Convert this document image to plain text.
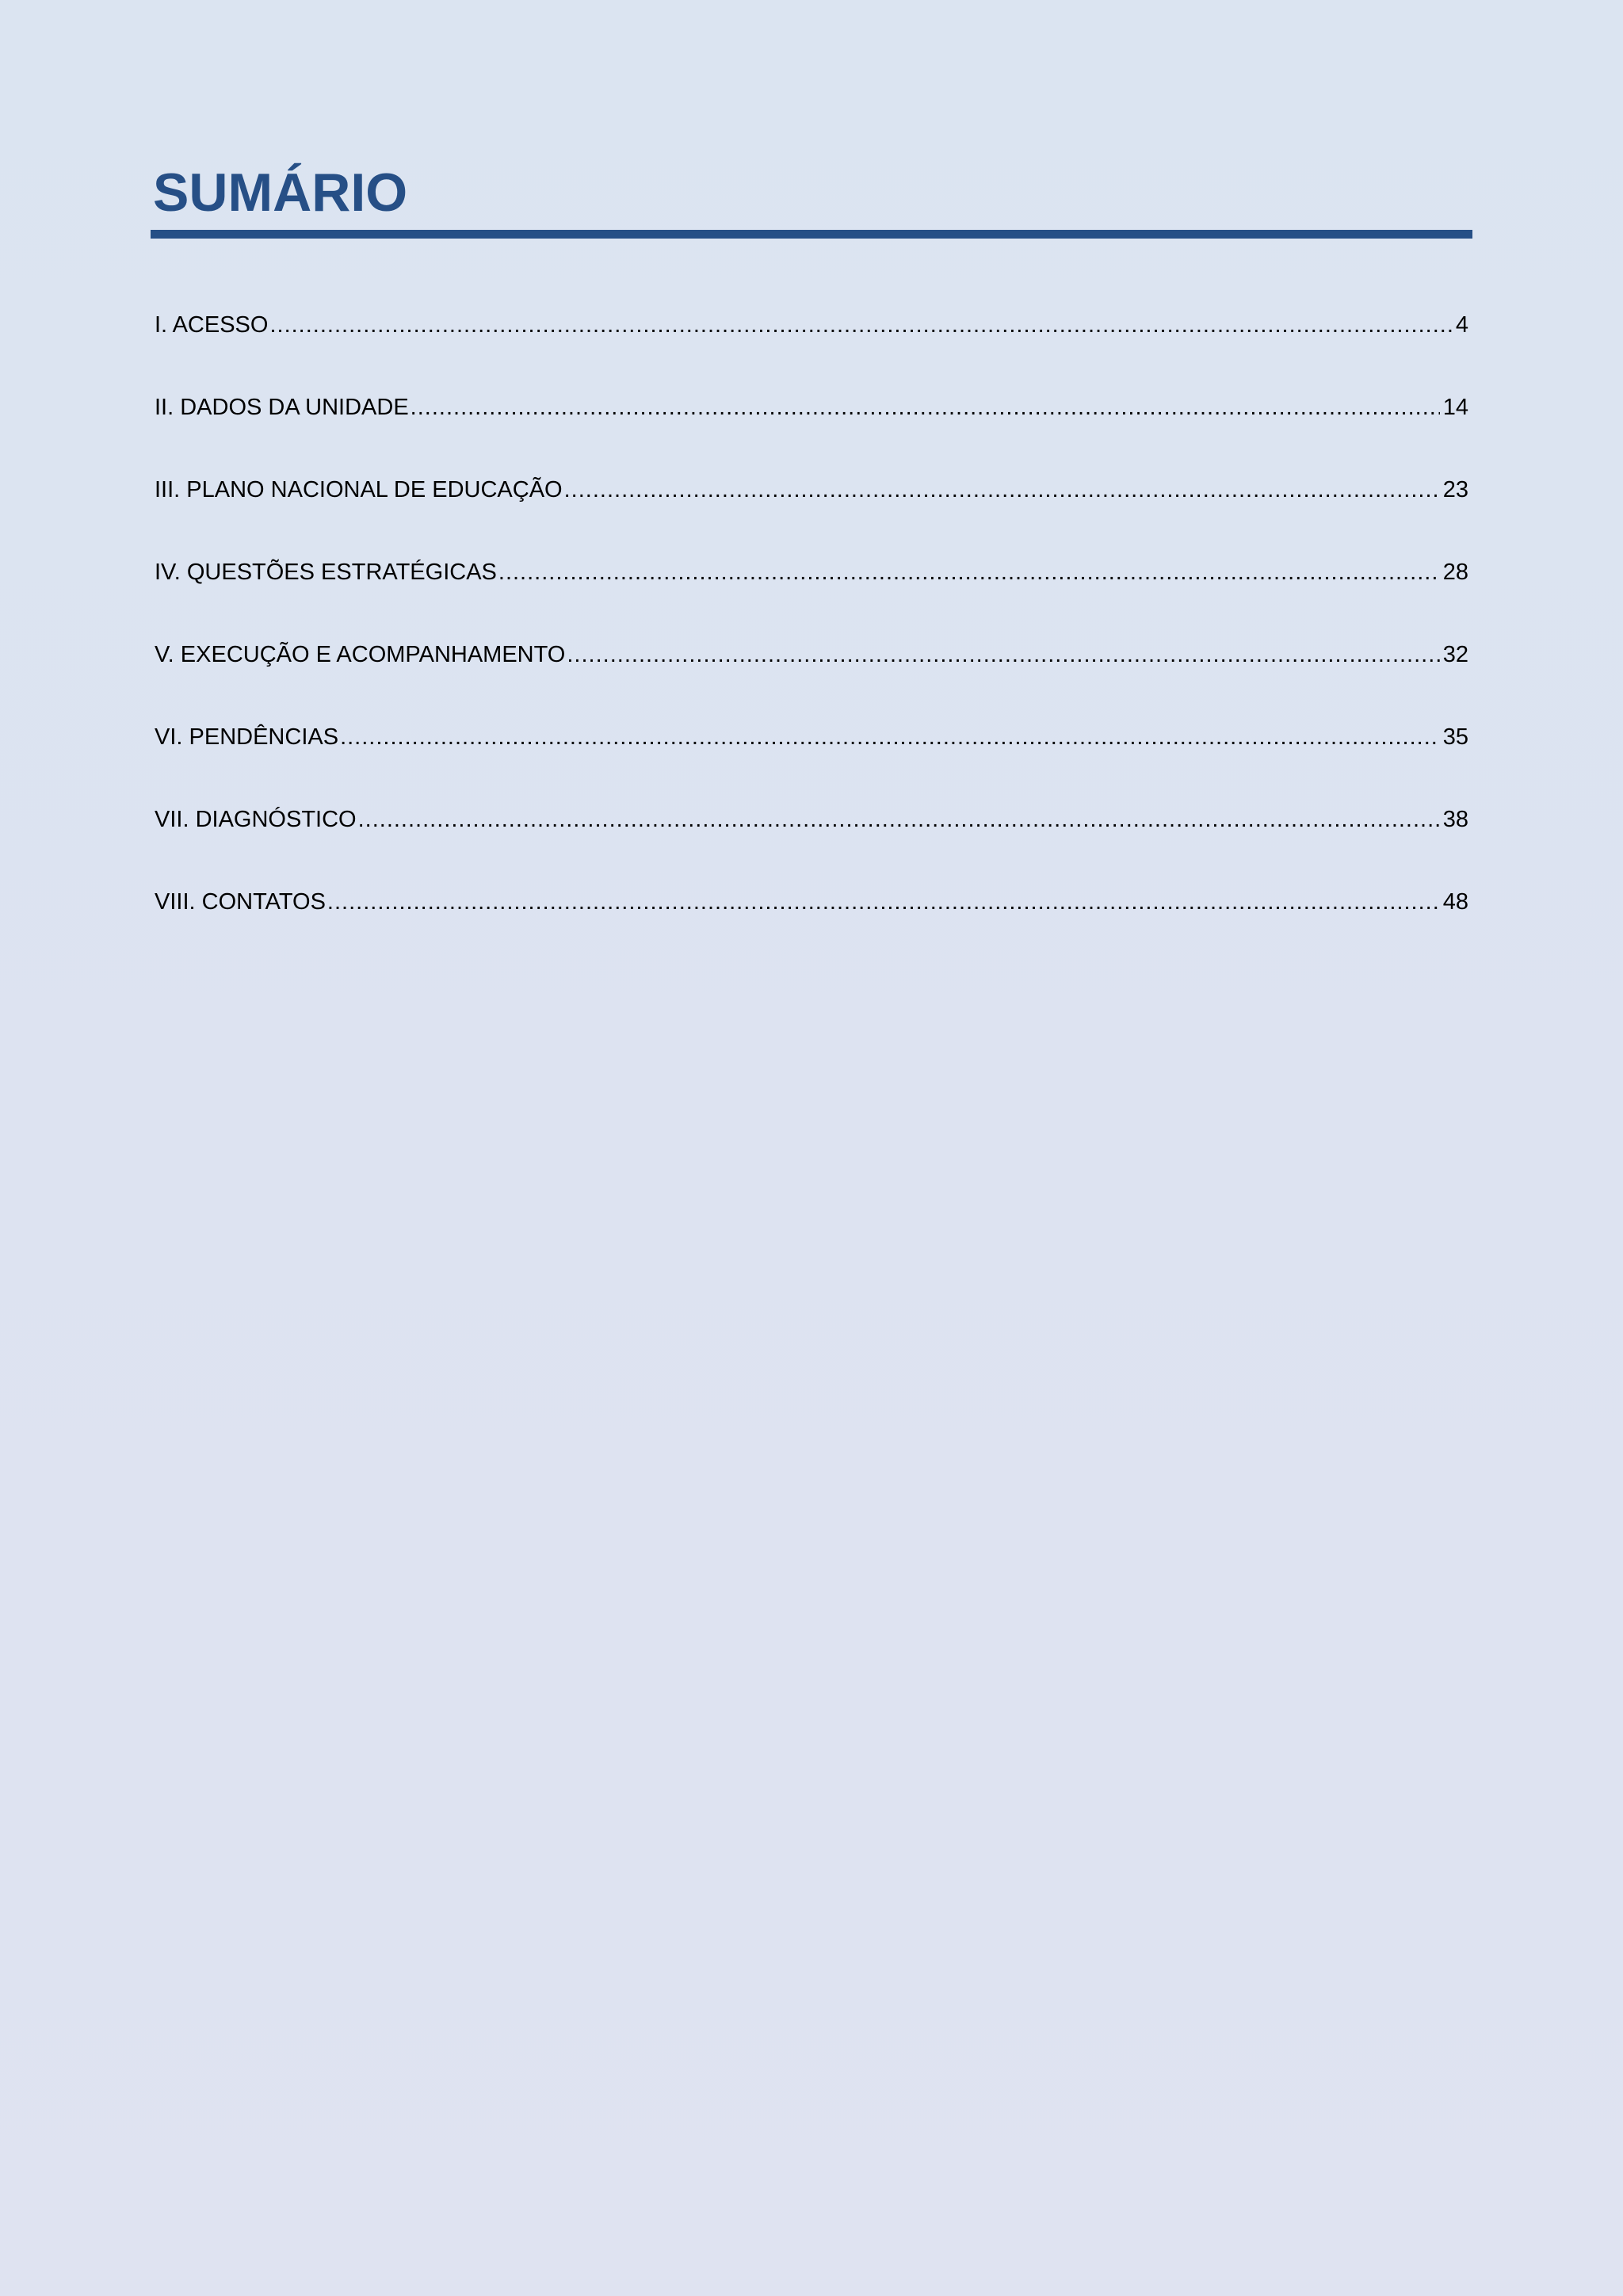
SUMÁRIO
I. ACESSO .....	4
II. DADOS DA UNIDADE .....	14
III. PLANO NACIONAL DE EDUCAÇÃO .....	23
IV. QUESTÕES ESTRATÉGICAS .....	28
V. EXECUÇÃO E ACOMPANHAMENTO .....	32
VI. PENDÊNCIAS .....	35
VII. DIAGNÓSTICO .....	38
VIII. CONTATOS .....	48
